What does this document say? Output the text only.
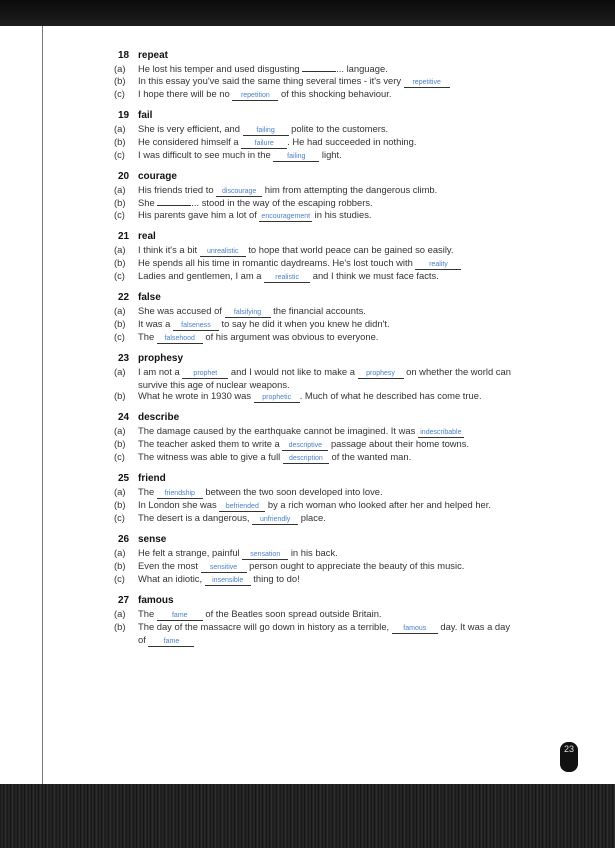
18 repeat
(a) He lost his temper and used disgusting	... language.
(b) In this essay you've said the same thing several times - it's very repetitive
(c) I hope there will be no repetition of this shocking behaviour.
19 fail
(a) She is very efficient, and failing polite to the customers.
(b) He considered himself a failure . He had succeeded in nothing.
(c) I was difficult to see much in the failing light.
20 courage
(a) His friends tried to discourage him from attempting the dangerous climb.
(b) She	... stood in the way of the escaping robbers.
(c) His parents gave him a lot of encouragement in his studies.
21 real
(a) I think it's a bit unrealistic to hope that world peace can be gained so easily.
(b) He spends all his time in romantic daydreams. He's lost touch with reality
(c) Ladies and gentlemen, I am a realistic and I think we must face facts.
22 false
(a) She was accused of falsifying the financial accounts.
(b) It was a falseness to say he did it when you knew he didn't.
(c) The falsehood of his argument was obvious to everyone.
23 prophesy
(a) I am not a prophet and I would not like to make a prophesy on whether the world can survive this age of nuclear weapons.
(b) What he wrote in 1930 was prophetic . Much of what he described has come true.
24 describe
(a) The damage caused by the earthquake cannot be imagined. It was indescribable
(b) The teacher asked them to write a descriptive passage about their home towns.
(c) The witness was able to give a full description of the wanted man.
25 friend
(a) The friendship between the two soon developed into love.
(b) In London she was befriended by a rich woman who looked after her and helped her.
(c) The desert is a dangerous, unfriendly place.
26 sense
(a) He felt a strange, painful sensation in his back.
(b) Even the most sensitive person ought to appreciate the beauty of this music.
(c) What an idiotic, insensible thing to do!
27 famous
(a) The fame of the Beatles soon spread outside Britain.
(b) The day of the massacre will go down in history as a terrible, famous day. It was a day of fame
23
